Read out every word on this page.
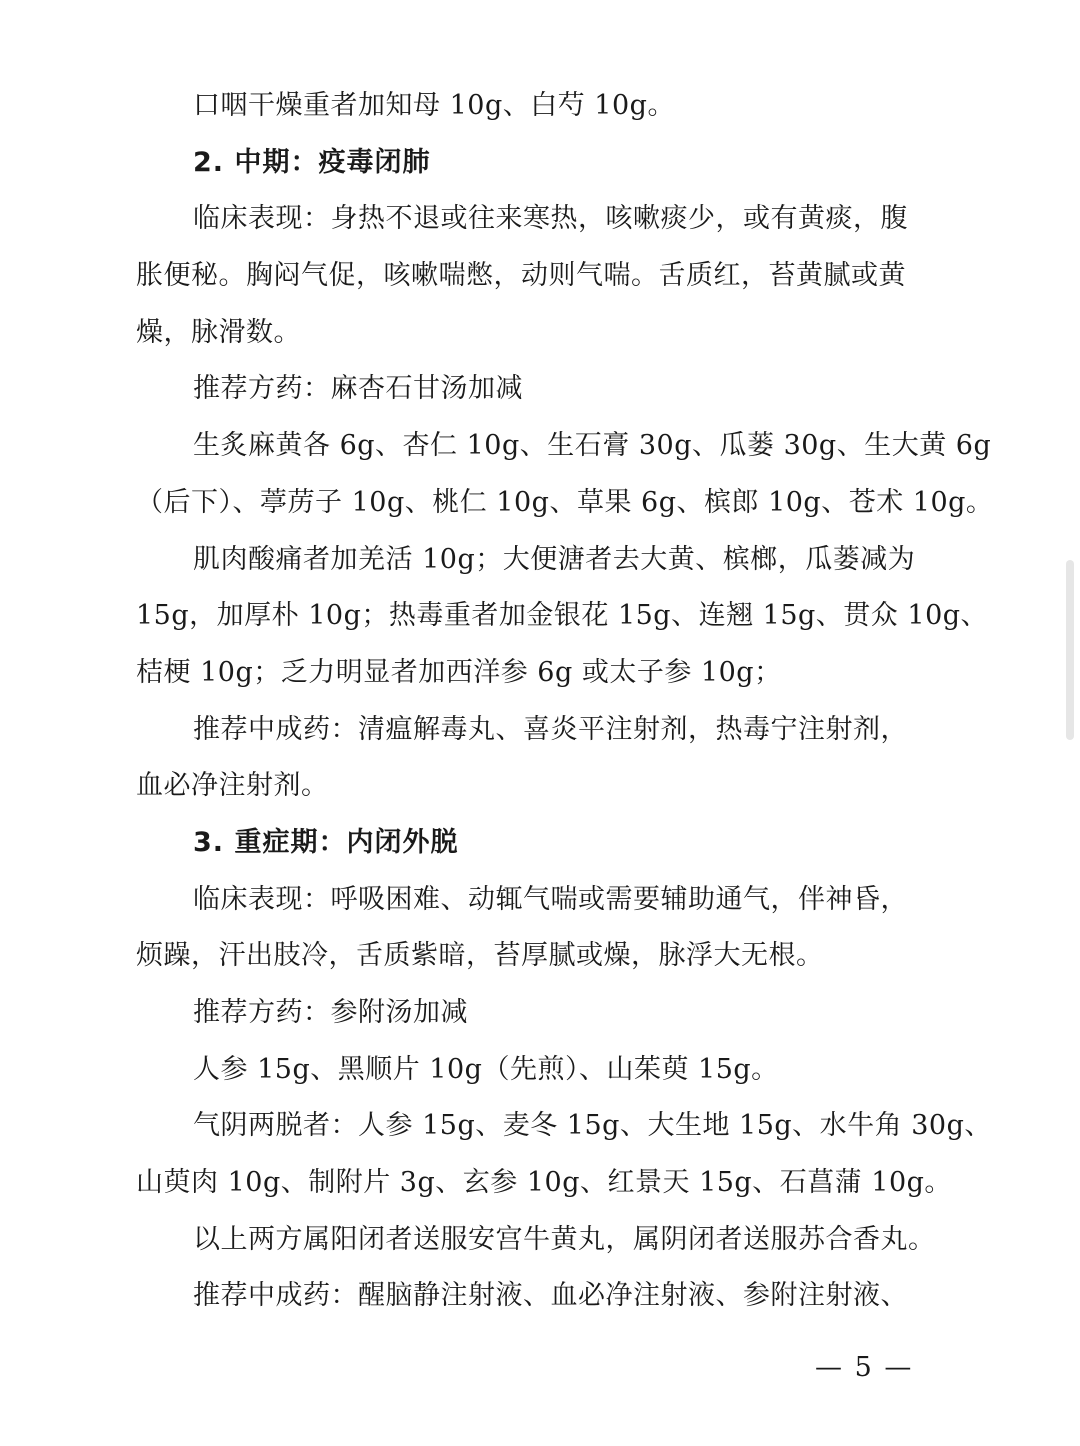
口咽干燥重者加知母 10g、白芍 10g。
2. 中期：疫毒闭肺
临床表现：身热不退或往来寒热，咳嗽痰少，或有黄痰，腹
胀便秘。胸闷气促，咳嗽喘憋，动则气喘。舌质红，苔黄腻或黄
燥，脉滑数。
推荐方药：麻杏石甘汤加减
生炙麻黄各 6g、杏仁 10g、生石膏 30g、瓜蒌 30g、生大黄 6g
（后下）、葶苈子 10g、桃仁 10g、草果 6g、槟郎 10g、苍术 10g。
肌肉酸痛者加羌活 10g；大便溏者去大黄、槟榔，瓜蒌减为
15g，加厚朴 10g；热毒重者加金银花 15g、连翘 15g、贯众 10g、
桔梗 10g；乏力明显者加西洋参 6g 或太子参 10g；
推荐中成药：清瘟解毒丸、喜炎平注射剂，热毒宁注射剂，
血必净注射剂。
3. 重症期：内闭外脱
临床表现：呼吸困难、动辄气喘或需要辅助通气，伴神昏，
烦躁，汗出肢冷，舌质紫暗，苔厚腻或燥，脉浮大无根。
推荐方药：参附汤加减
人参 15g、黑顺片 10g（先煎）、山茱萸 15g。
气阴两脱者：人参 15g、麦冬 15g、大生地 15g、水牛角 30g、
山萸肉 10g、制附片 3g、玄参 10g、红景天 15g、石菖蒲 10g。
以上两方属阳闭者送服安宫牛黄丸，属阴闭者送服苏合香丸。
推荐中成药：醒脑静注射液、血必净注射液、参附注射液、
— 5 —
